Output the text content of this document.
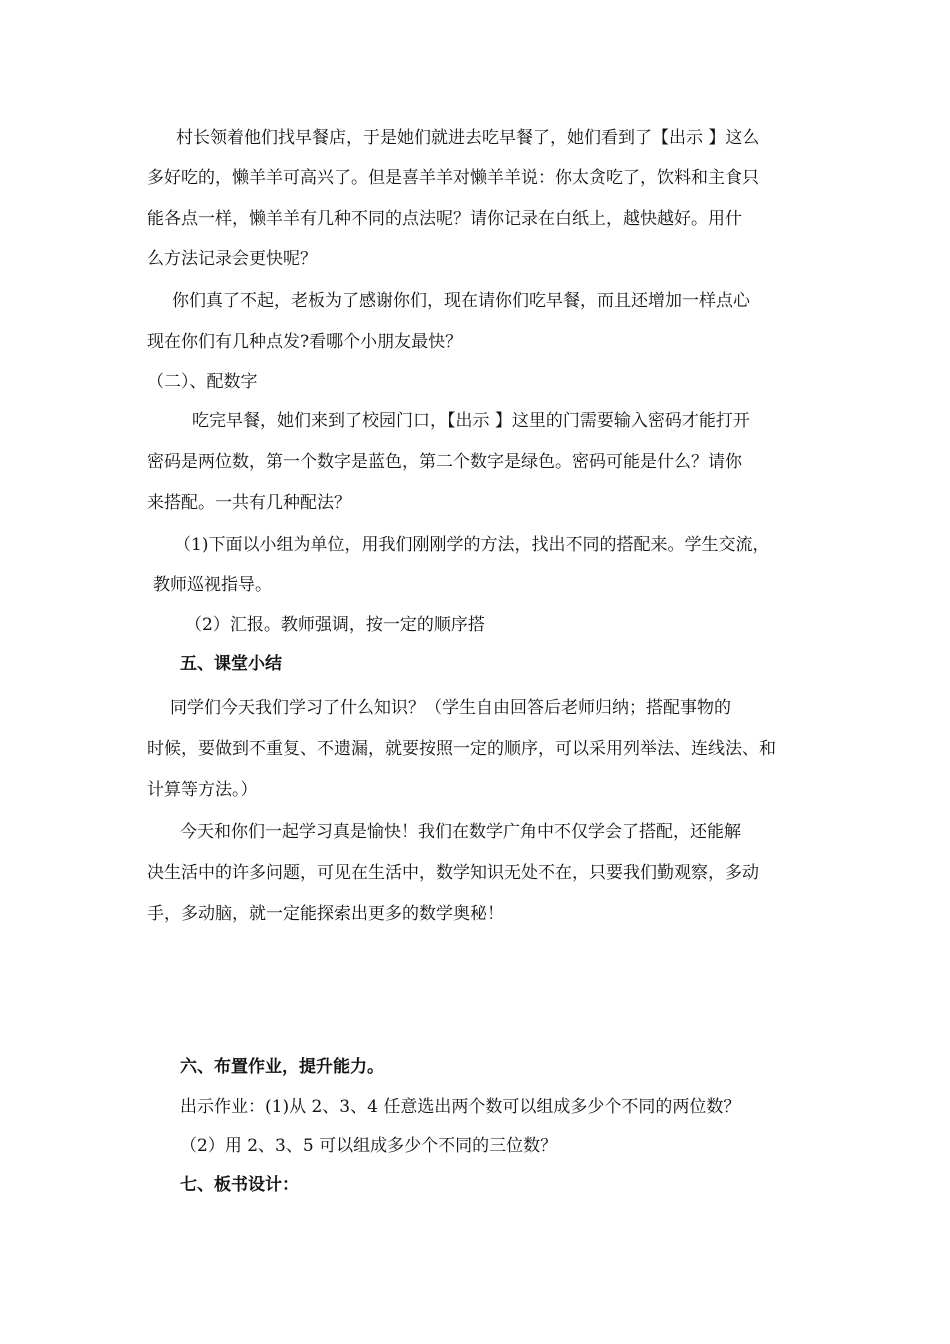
村长领着他们找早餐店，于是她们就进去吃早餐了，她们看到了【出示 】这么
多好吃的，懒羊羊可高兴了。但是喜羊羊对懒羊羊说：你太贪吃了，饮料和主食只
能各点一样，懒羊羊有几种不同的点法呢？请你记录在白纸上，越快越好。用什
么方法记录会更快呢？
你们真了不起，老板为了感谢你们，现在请你们吃早餐，而且还增加一样点心
现在你们有几种点发?看哪个小朋友最快？
（二）、配数字
吃完早餐，她们来到了校园门口，【出示 】这里的门需要输入密码才能打开
密码是两位数，第一个数字是蓝色，第二个数字是绿色。密码可能是什么？请你
来搭配。一共有几种配法？
（1)下面以小组为单位，用我们刚刚学的方法，找出不同的搭配来。学生交流，
教师巡视指导。
（2）汇报。教师强调，按一定的顺序搭
五、课堂小结
同学们今天我们学习了什么知识？（学生自由回答后老师归纳；搭配事物的
时候，要做到不重复、不遗漏，就要按照一定的顺序，可以采用列举法、连线法、和
计算等方法。）
今天和你们一起学习真是愉快！我们在数学广角中不仅学会了搭配，还能解
决生活中的许多问题，可见在生活中，数学知识无处不在，只要我们勤观察，多动
手，多动脑，就一定能探索出更多的数学奥秘！
六、布置作业，提升能力。
出示作业：(1)从 2、3、4 任意选出两个数可以组成多少个不同的两位数？
（2）用 2、3、5 可以组成多少个不同的三位数？
七、板书设计：
